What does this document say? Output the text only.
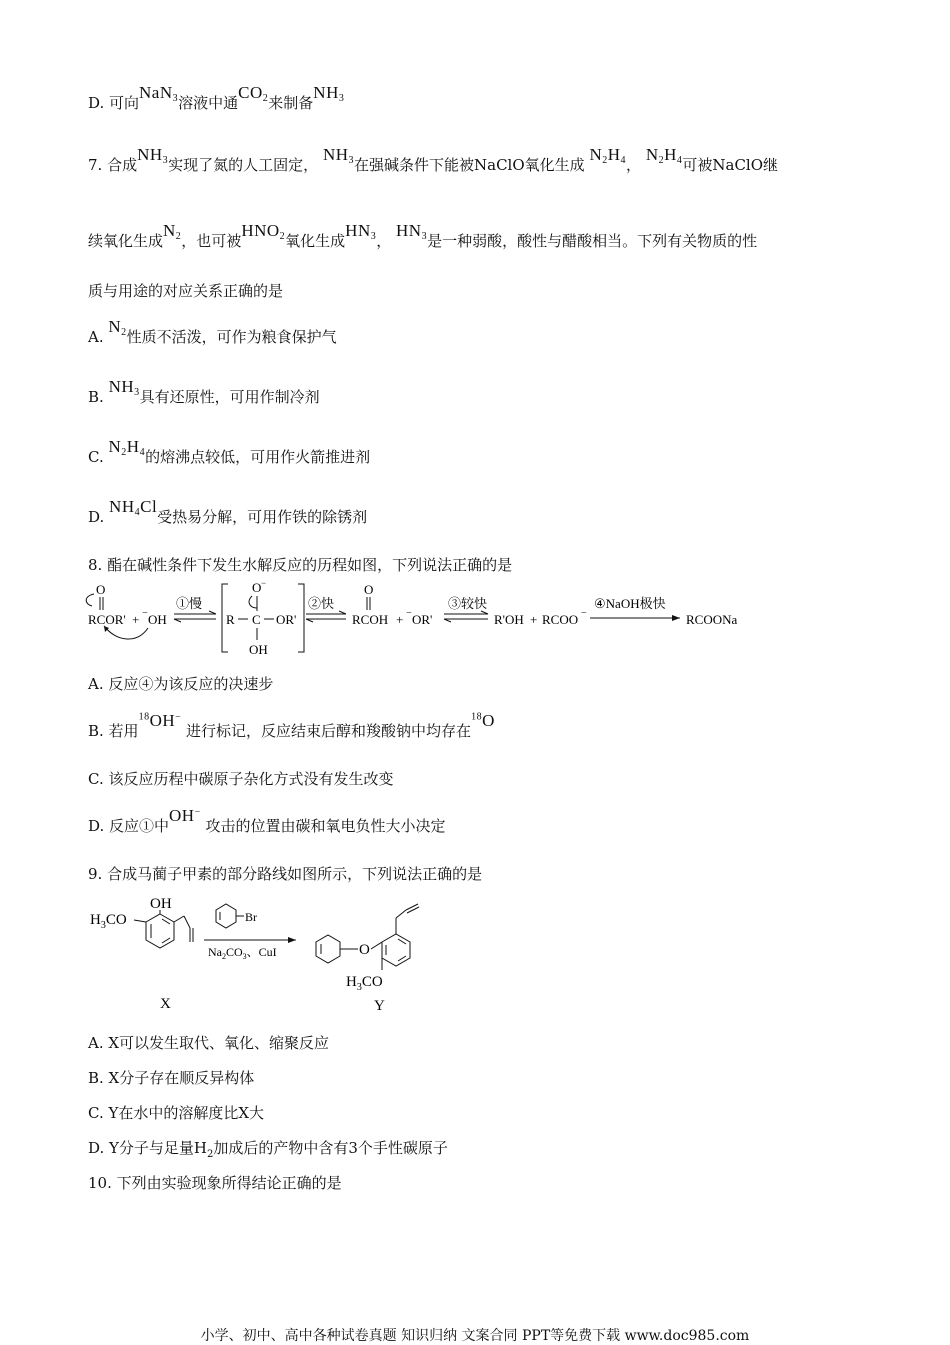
D. 可向NaN$_3$溶液中通$CO_2$来制备$NH_3$
7. 合成$NH_3$实现了氮的人工固定， $NH_3$在强碱条件下能被NaClO氧化生成 $N_2H_4$， $N_2H_4$可被NaClO继
续氧化生成$N_2$，也可被$HNO_2$氧化生成$HN_3$， $HN_3$是一种弱酸，酸性与醋酸相当。下列有关物质的性
质与用途的对应关系正确的是
A. $N_2$性质不活泼，可作为粮食保护气
B. $NH_3$具有还原性，可用作制冷剂
C. $N_2H_4$的熔沸点较低，可用作火箭推进剂
D. $NH_4Cl$受热易分解，可用作铁的除锈剂
8. 酯在碱性条件下发生水解反应的历程如图，下列说法正确的是
O
RCOR' + − OH
①慢
O −
R C OR'
OH
②快
O
RCOH + − OR'
③较快
R'OH + RCOO −
④NaOH极快
RCOONa
A. 反应④为该反应的决速步
B. 若用$^{18}$OH− 进行标记，反应结束后醇和羧酸钠中均存在$^{18}$O
C. 该反应历程中碳原子杂化方式没有发生改变
D. 反应①中OH− 攻击的位置由碳和氧电负性大小决定
9. 合成马蔺子甲素的部分路线如图所示，下列说法正确的是
OH
$H_3CO$
X
Br
$Na_2CO_3$、CuI	O
$H_3CO$
Y
A. X可以发生取代、氧化、缩聚反应
B. X分子存在顺反异构体
C. Y在水中的溶解度比X大
D. Y分子与足量$H_2$加成后的产物中含有3个手性碳原子
10. 下列由实验现象所得结论正确的是
小学、初中、高中各种试卷真题 知识归纳 文案合同 PPT等免费下载 www.doc985.com
